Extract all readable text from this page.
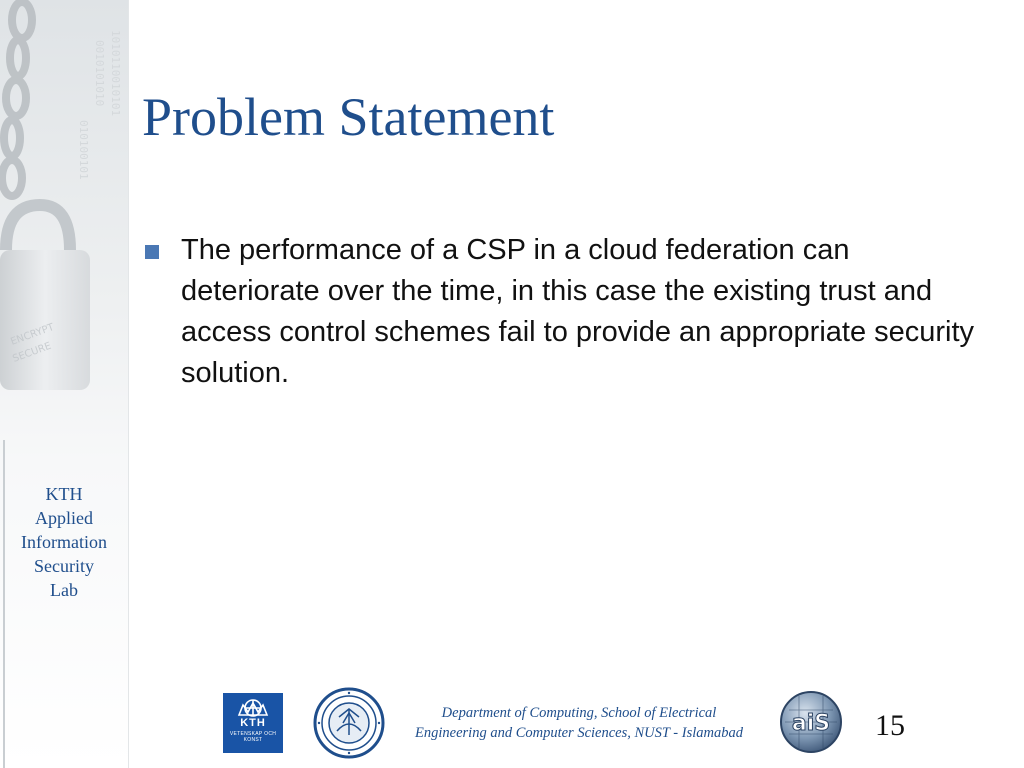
0010101010 1010110010101
010100101
ENCRYPT
SECURE
KTH
Applied
Information
Security
Lab
Problem Statement
The performance of a CSP in a cloud federation can deteriorate over the time, in this case the existing trust and access control schemes fail to provide an appropriate security solution.
KTH
VETENSKAP OCH KONST
Department of Computing, School of Electrical Engineering and Computer Sciences, NUST - Islamabad	aiS 15
